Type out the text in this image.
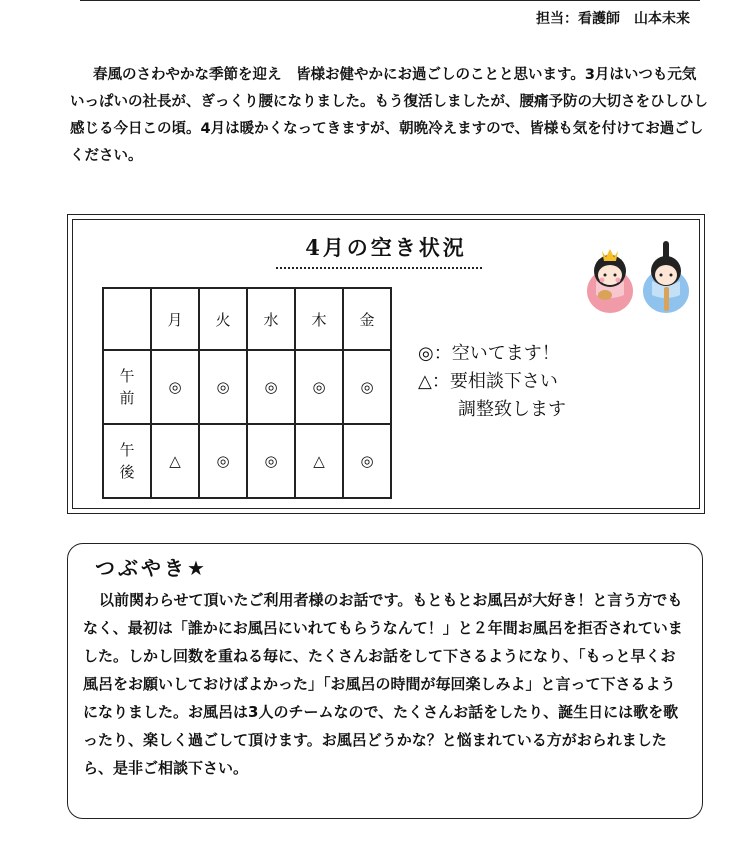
担当：看護師　山本未来

春風のさわやかな季節を迎え　皆様お健やかにお過ごしのことと思います。3月はいつも元気いっぱいの社長が、ぎっくり腰になりました。もう復活しましたが、腰痛予防の大切さをひしひし感じる今日この頃。4月は暖かくなってきますが、朝晩冷えますので、皆様も気を付けてお過ごしください。

4月の空き状況
	月	火	水	木	金
午
前	◎	◎	◎	◎	◎
午
後	△	◎	◎	△	◎
◎：空いてます！
△：要相談下さい
調整致します
つぶやき★

以前関わらせて頂いたご利用者様のお話です。もともとお風呂が大好き！と言う方でもなく、最初は「誰かにお風呂にいれてもらうなんて！」と２年間お風呂を拒否されていました。しかし回数を重ねる毎に、たくさんお話をして下さるようになり、「もっと早くお風呂をお願いしておけばよかった」「お風呂の時間が毎回楽しみよ」と言って下さるようになりました。お風呂は3人のチームなので、たくさんお話をしたり、誕生日には歌を歌ったり、楽しく過ごして頂けます。お風呂どうかな？と悩まれている方がおられましたら、是非ご相談下さい。
